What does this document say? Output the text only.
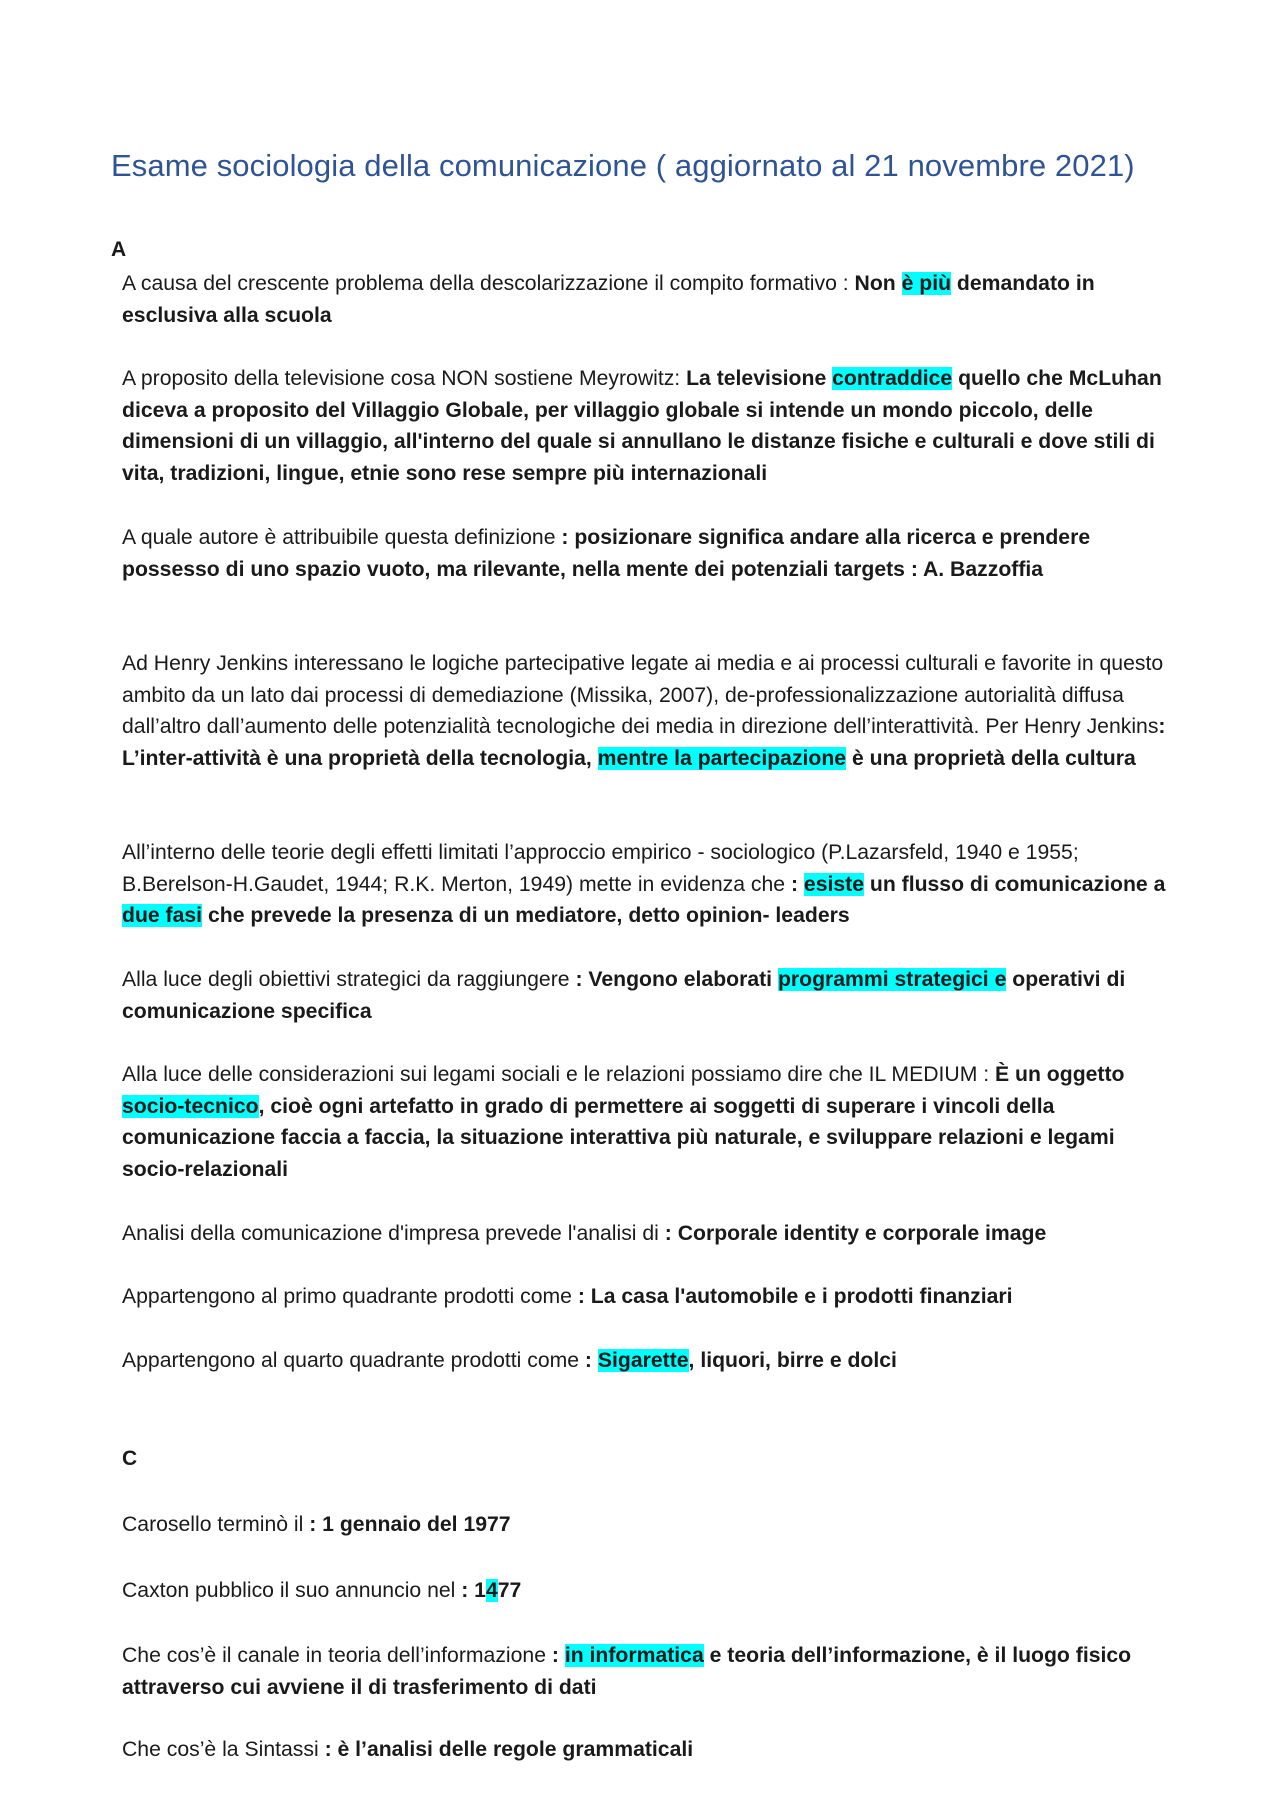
Esame sociologia della comunicazione ( aggiornato al 21 novembre 2021)
A

A causa del crescente problema della descolarizzazione il compito formativo : Non è più demandato in esclusiva alla scuola

A proposito della televisione cosa NON sostiene Meyrowitz: La televisione contraddice quello che McLuhan diceva a proposito del Villaggio Globale, per villaggio globale si intende un mondo piccolo, delle dimensioni di un villaggio, all'interno del quale si annullano le distanze fisiche e culturali e dove stili di vita, tradizioni, lingue, etnie sono rese sempre più internazionali

A quale autore è attribuibile questa definizione : posizionare significa andare alla ricerca e prendere possesso di uno spazio vuoto, ma rilevante, nella mente dei potenziali targets : A. Bazzoffia

Ad Henry Jenkins interessano le logiche partecipative legate ai media e ai processi culturali e favorite in questo ambito da un lato dai processi di demediazione (Missika, 2007), de-professionalizzazione autorialità diffusa dall’altro dall’aumento delle potenzialità tecnologiche dei media in direzione dell’interattività. Per Henry Jenkins: L’inter-attività è una proprietà della tecnologia, mentre la partecipazione è una proprietà della cultura

All’interno delle teorie degli effetti limitati l’approccio empirico - sociologico (P.Lazarsfeld, 1940 e 1955; B.Berelson-H.Gaudet, 1944; R.K. Merton, 1949) mette in evidenza che : esiste un flusso di comunicazione a due fasi che prevede la presenza di un mediatore, detto opinion- leaders

Alla luce degli obiettivi strategici da raggiungere : Vengono elaborati programmi strategici e operativi di comunicazione specifica

Alla luce delle considerazioni sui legami sociali e le relazioni possiamo dire che IL MEDIUM : È un oggetto socio-tecnico, cioè ogni artefatto in grado di permettere ai soggetti di superare i vincoli della comunicazione faccia a faccia, la situazione interattiva più naturale, e sviluppare relazioni e legami socio-relazionali

Analisi della comunicazione d'impresa prevede l'analisi di : Corporale identity e corporale image

Appartengono al primo quadrante prodotti come : La casa l'automobile e i prodotti finanziari

Appartengono al quarto quadrante prodotti come : Sigarette, liquori, birre e dolci

C

Carosello terminò il : 1 gennaio del 1977

Caxton pubblico il suo annuncio nel : 1477

Che cos’è il canale in teoria dell’informazione : in informatica e teoria dell’informazione, è il luogo fisico attraverso cui avviene il di trasferimento di dati

Che cos’è la Sintassi : è l’analisi delle regole grammaticali
